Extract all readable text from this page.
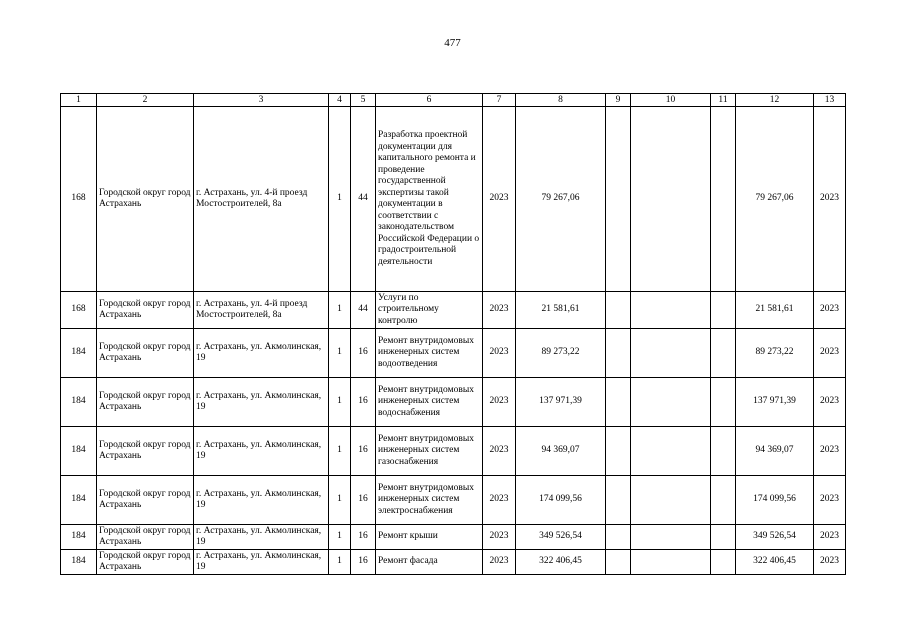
477
1	2	3	4	5	6	7	8	9	10	11	12	13
168	Городской округ город Астрахань	г. Астрахань, ул. 4-й проезд Мостостроителей, 8а	1	44	Разработка проектной документации для капитального ремонта и проведение государственной экспертизы такой документации в соответствии с законодательством Российской Федерации о градостроительной деятельности	2023	79 267,06				79 267,06	2023
168	Городской округ город Астрахань	г. Астрахань, ул. 4-й проезд Мостостроителей, 8а	1	44	Услуги по строительному контролю	2023	21 581,61				21 581,61	2023
184	Городской округ город Астрахань	г. Астрахань, ул. Акмолинская, 19	1	16	Ремонт внутридомовых инженерных систем водоотведения	2023	89 273,22				89 273,22	2023
184	Городской округ город Астрахань	г. Астрахань, ул. Акмолинская, 19	1	16	Ремонт внутридомовых инженерных систем водоснабжения	2023	137 971,39				137 971,39	2023
184	Городской округ город Астрахань	г. Астрахань, ул. Акмолинская, 19	1	16	Ремонт внутридомовых инженерных систем газоснабжения	2023	94 369,07				94 369,07	2023
184	Городской округ город Астрахань	г. Астрахань, ул. Акмолинская, 19	1	16	Ремонт внутридомовых инженерных систем электроснабжения	2023	174 099,56				174 099,56	2023
184	Городской округ город Астрахань	г. Астрахань, ул. Акмолинская, 19	1	16	Ремонт крыши	2023	349 526,54				349 526,54	2023
184	Городской округ город Астрахань	г. Астрахань, ул. Акмолинская, 19	1	16	Ремонт фасада	2023	322 406,45				322 406,45	2023
